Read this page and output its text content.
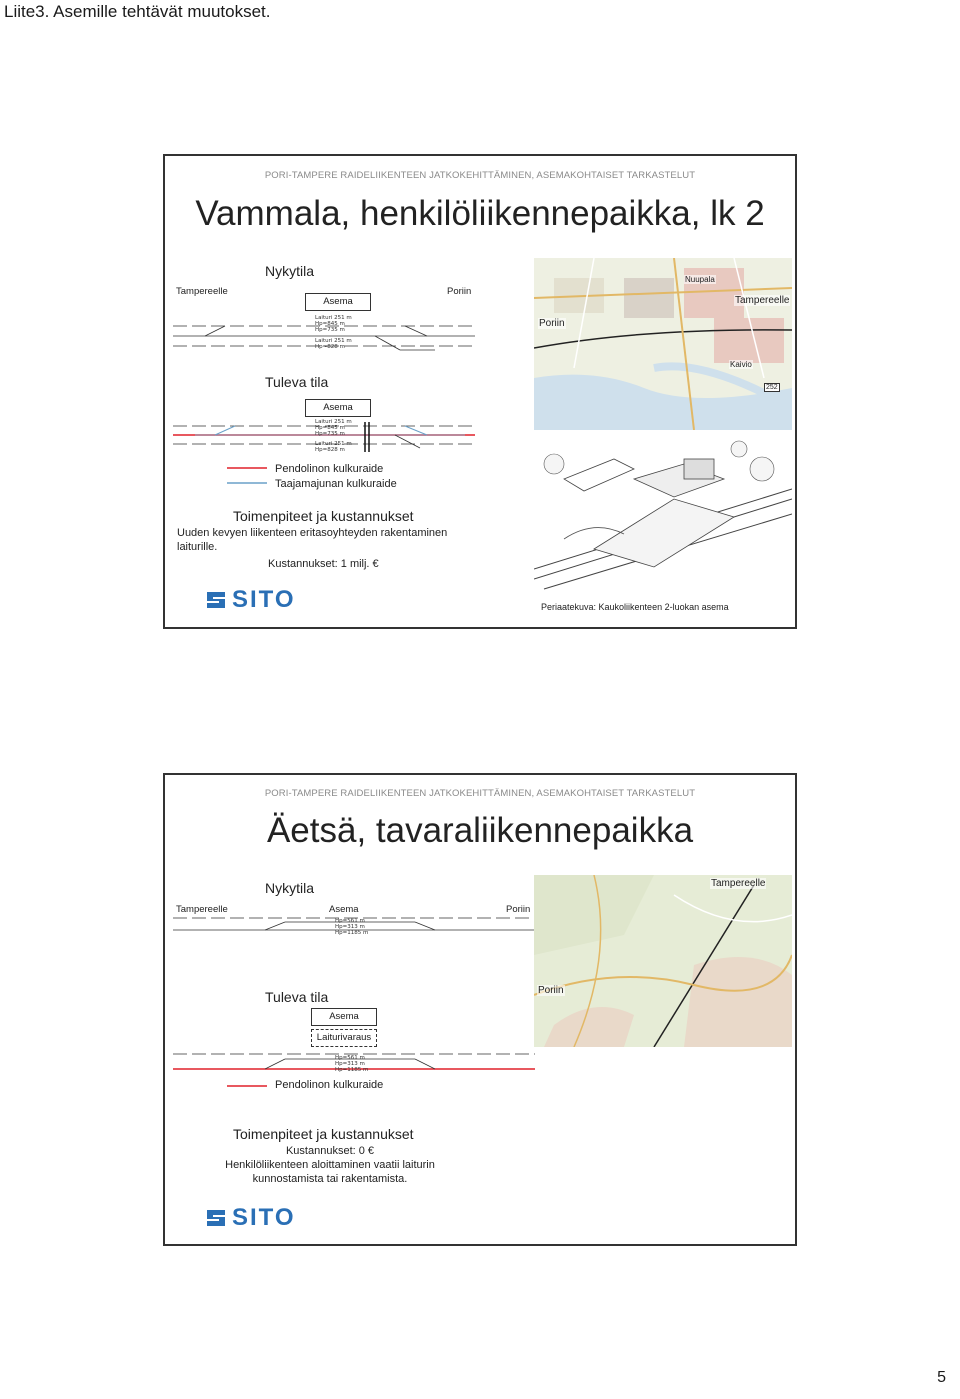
Liite3. Asemille tehtävät muutokset.
PORI-TAMPERE RAIDELIIKENTEEN JATKOKEHITTÄMINEN, ASEMAKOHTAISET TARKASTELUT
Vammala, henkilöliikennepaikka, lk 2
Nykytila
Tampereelle	Poriin
Asema
Laituri 251 m
Hp=845 m
Hp=735 m
Laituri 251 m
Hp=828 m
Tuleva tila
Asema
Laituri 251 m
Hp=845 m
Hp=735 m
Laituri 251 m
Hp=828 m
Pendolinon kulkuraide
Taajamajunan kulkuraide
Toimenpiteet ja kustannukset
Uuden kevyen liikenteen eritasoyhteyden rakentaminen
laiturille.
Kustannukset: 1 milj. €
SITO
Poriin
Tampereelle
Nuupala
Kaivio
252
Periaatekuva: Kaukoliikenteen 2-luokan asema
PORI-TAMPERE RAIDELIIKENTEEN JATKOKEHITTÄMINEN, ASEMAKOHTAISET TARKASTELUT
Äetsä, tavaraliikennepaikka
Nykytila
Tampereelle	Poriin
Asema
Hp=561 m
Hp=313 m
Hp=1185 m
Tuleva tila
Asema
Laiturivaraus
Hp=561 m
Hp=313 m
Hp=1185 m
Pendolinon kulkuraide
Toimenpiteet ja kustannukset
Kustannukset: 0 €
Henkilöliikenteen aloittaminen vaatii laiturin
kunnostamista tai rakentamista.
SITO
Tampereelle
Poriin
5
